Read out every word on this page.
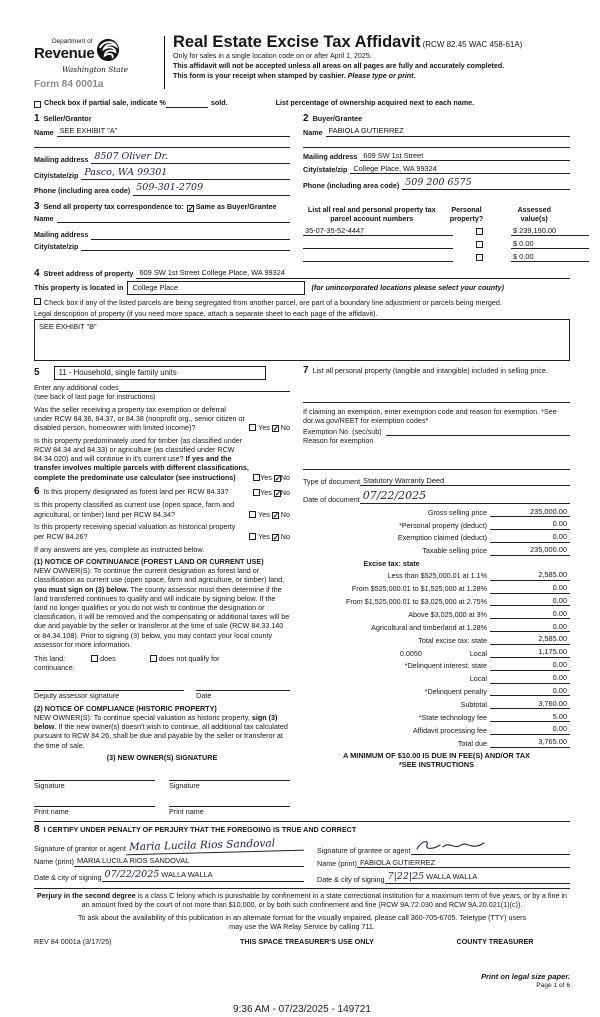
Department of
Revenue
Washington State
Form 84 0001a
Real Estate Excise Tax Affidavit (RCW 82.45 WAC 458-61A)
Only for sales in a single location code on or after April 1, 2025.
This affidavit will not be accepted unless all areas on all pages are fully and accurately completed.
This form is your receipt when stamped by cashier. Please type or print.
Check box if partial sale, indicate %	sold.	List percentage of ownership acquired next to each name.
1 Seller/Grantor
Name SEE EXHIBIT "A"
Mailing address 8507 Oliver Dr.
City/state/zip Pasco, WA 99301
Phone (including area code) 509-301-2709
2 Buyer/Grantee
Name FABIOLA GUTIERREZ
Mailing address 609 SW 1st Street
City/state/zip College Place, WA 99324
Phone (including area code) 509 200 6575
3 Send all property tax correspondence to: ✓ Same as Buyer/Grantee
Name
Mailing address
City/state/zip
List all real and personal property tax parcel account numbers
Personal
property?
Assessed
value(s)
35-07-35-52-4447	$ 239,190.00
$ 0.00
$ 0.00
4 Street address of property 609 SW 1st Street College Place, WA 99324
This property is located in	College Place	(for unincorporated locations please select your county)
Check box if any of the listed parcels are being segregated from another parcel, are part of a boundary line adjustment or parcels being merged.
Legal description of property (if you need more space, attach a separate sheet to each page of the affidavit).
SEE EXHIBIT "B"
5	11 - Household, single family units
Enter any additional codes
(see back of last page for instructions)
Was the seller receiving a property tax exemption or deferral under RCW 84.36, 84.37, or 84.38 (nonprofit org., senior citizen or disabled person, homeowner with limited income)?	Yes ✓ No
Is this property predominately used for timber (as classified under RCW 84.34 and 84.33) or agriculture (as classified under RCW 84.34.020) and will continue in it's current use? If yes and the transfer involves multiple parcels with different classifications, complete the predominate use calculator (see instructions)	Yes ✓No
6 Is this property designated as forest land per RCW 84.33?	Yes ✓No
Is this property classified as current use (open space, farm and agricultural, or timber) land per RCW 84.34?	Yes ✓ No
Is this property receiving special valuation as historical property per RCW 84.26?	Yes ✓ No
If any answers are yes, complete as instructed below.
(1) NOTICE OF CONTINUANCE (FOREST LAND OR CURRENT USE)
NEW OWNER(S): To continue the current designation as forest land or classification as current use (open space, farm and agriculture, or timber) land, you must sign on (3) below. The county assessor must then determine if the land transferred continues to qualify and will indicate by signing below. If the land no longer qualifies or you do not wish to continue the designation or classification, it will be removed and the compensating or additional taxes will be due and payable by the seller or transferor at the time of sale (RCW 84.33.140 or 84.34.108). Prior to signing (3) below, you may contact your local county assessor for more information.
This land:	does	does not qualify for
continuance.
Deputy assessor signature	Date
(2) NOTICE OF COMPLIANCE (HISTORIC PROPERTY)
NEW OWNER(S): To continue special valuation as historic property, sign (3) below. If the new owner(s) doesn't wish to continue, all additional tax calculated pursuant to RCW 84.26, shall be due and payable by the seller or transferor at the time of sale.
(3) NEW OWNER(S) SIGNATURE
Signature	Signature
Print name	Print name
7 List all personal property (tangible and intangible) included in selling price.
If claiming an exemption, enter exemption code and reason for exemption. *See dor.wa.gov/REET for exemption codes*
Exemption No. (sec/sub)
Reason for exemption
Type of document Statutory Warranty Deed
Date of document 07/22/2025
Gross selling price	235,000.00
*Personal property (deduct)	0.00
Exemption claimed (deduct)	0.00
Taxable selling price	235,000.00
Excise tax: state
Less than $525,000.01 at 1.1%	2,585.00
From $525,000.01 to $1,525,000 at 1.28%	0.00
From $1,525,000.01 to $3,025,000 at 2.75%	0.00
Above $3,025,000 at 3%	0.00
Agricultural and timberland at 1.28%	0.00
Total excise tax: state	2,585.00
0.0050	Local	1,175.00
*Delinquent interest: state	0.00
Local	0.00
*Delinquent penalty	0.00
Subtotal	3,760.00
*State technology fee	5.00
Affidavit processing fee	0.00
Total due	3,765.00
A MINIMUM OF $10.00 IS DUE IN FEE(S) AND/OR TAX
*SEE INSTRUCTIONS
8 I CERTIFY UNDER PENALTY OF PERJURY THAT THE FOREGOING IS TRUE AND CORRECT
Signature of grantor or agent Maria Lucila Rios Sandoval
Name (print) MARIA LUCILA RIOS SANDOVAL
Date & city of signing 07/22/2025 WALLA WALLA
Signature of grantee or agent
Name (print) FABIOLA GUTIERREZ
Date & city of signing 7|22|25 WALLA WALLA
Perjury in the second degree is a class C felony which is punishable by confinement in a state correctional institution for a maximum term of five years, or by a fine in an amount fixed by the court of not more than $10,000, or by both such confinement and fine (RCW 9A.72.030 and RCW 9A.20.021(1)(c)).
To ask about the availability of this publication in an alternate format for the visually impaired, please call 360-705-6705. Teletype (TTY) users may use the WA Relay Service by calling 711.
REV 84 0001a (3/17/25)	THIS SPACE TREASURER'S USE ONLY	COUNTY TREASURER
Print on legal size paper.
Page 1 of 6
9:36 AM - 07/23/2025 - 149721
